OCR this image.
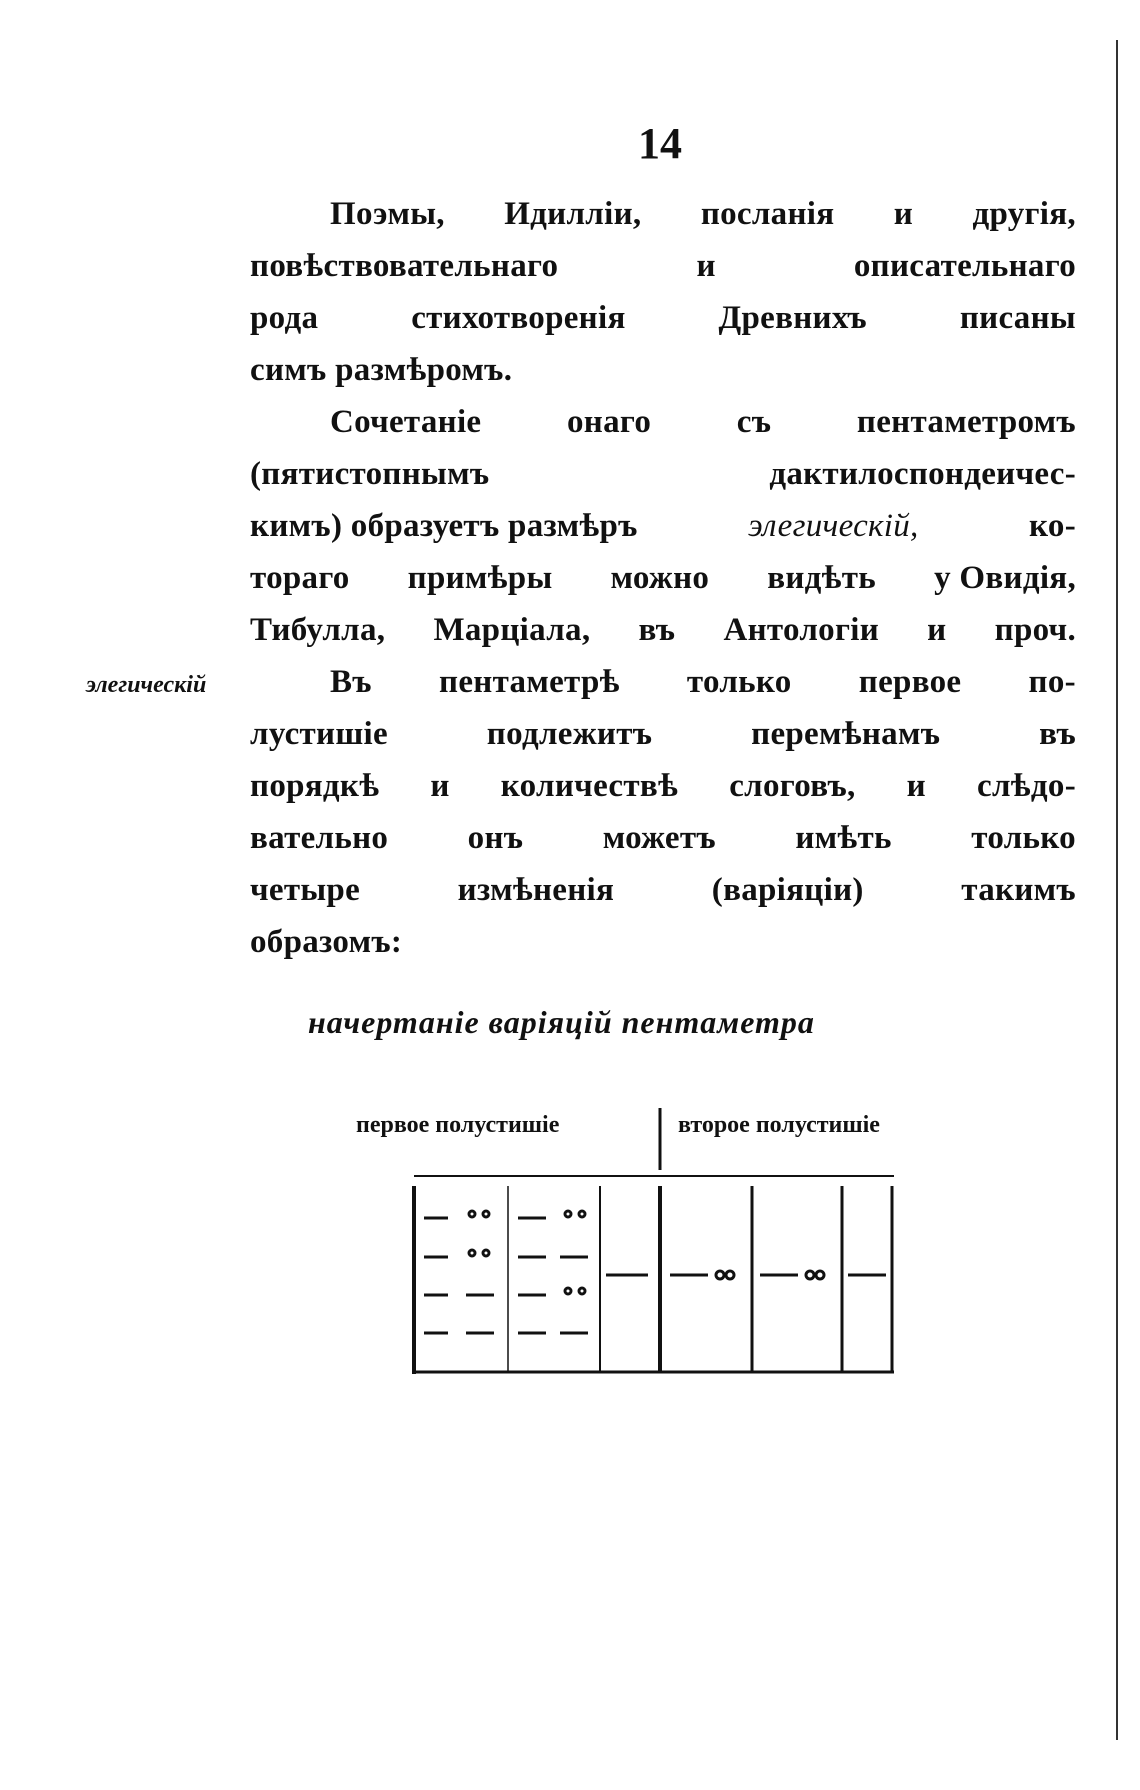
14
Поэмы, Идилліи, посланія и другія,
повѣствовательнаго	и	описательнаго
рода	стихотворенія	Древнихъ	писаны
симъ
размѣромъ.
Сочетаніе	онаго	съ	пентаметромъ
(пятистопнымъ	дактилоспондеичес-
кимъ) образуетъ размѣръ	элегическій,	ко-
тораго примѣры можно видѣть у Овидія,
Тибулла, Марціала, въ Антологіи и проч.
Въ пентаметрѣ только первое по-
лустишіе	подлежитъ	перемѣнамъ	въ
порядкѣ и количествѣ слоговъ, и слѣдо-
вательно онъ можетъ имѣть только
четыре	измѣненія	(варіяціи)	такимъ
образомъ:
элегическій
начертаніе варіяцій пентаметра
первое полустишіе	второе полустишіе
